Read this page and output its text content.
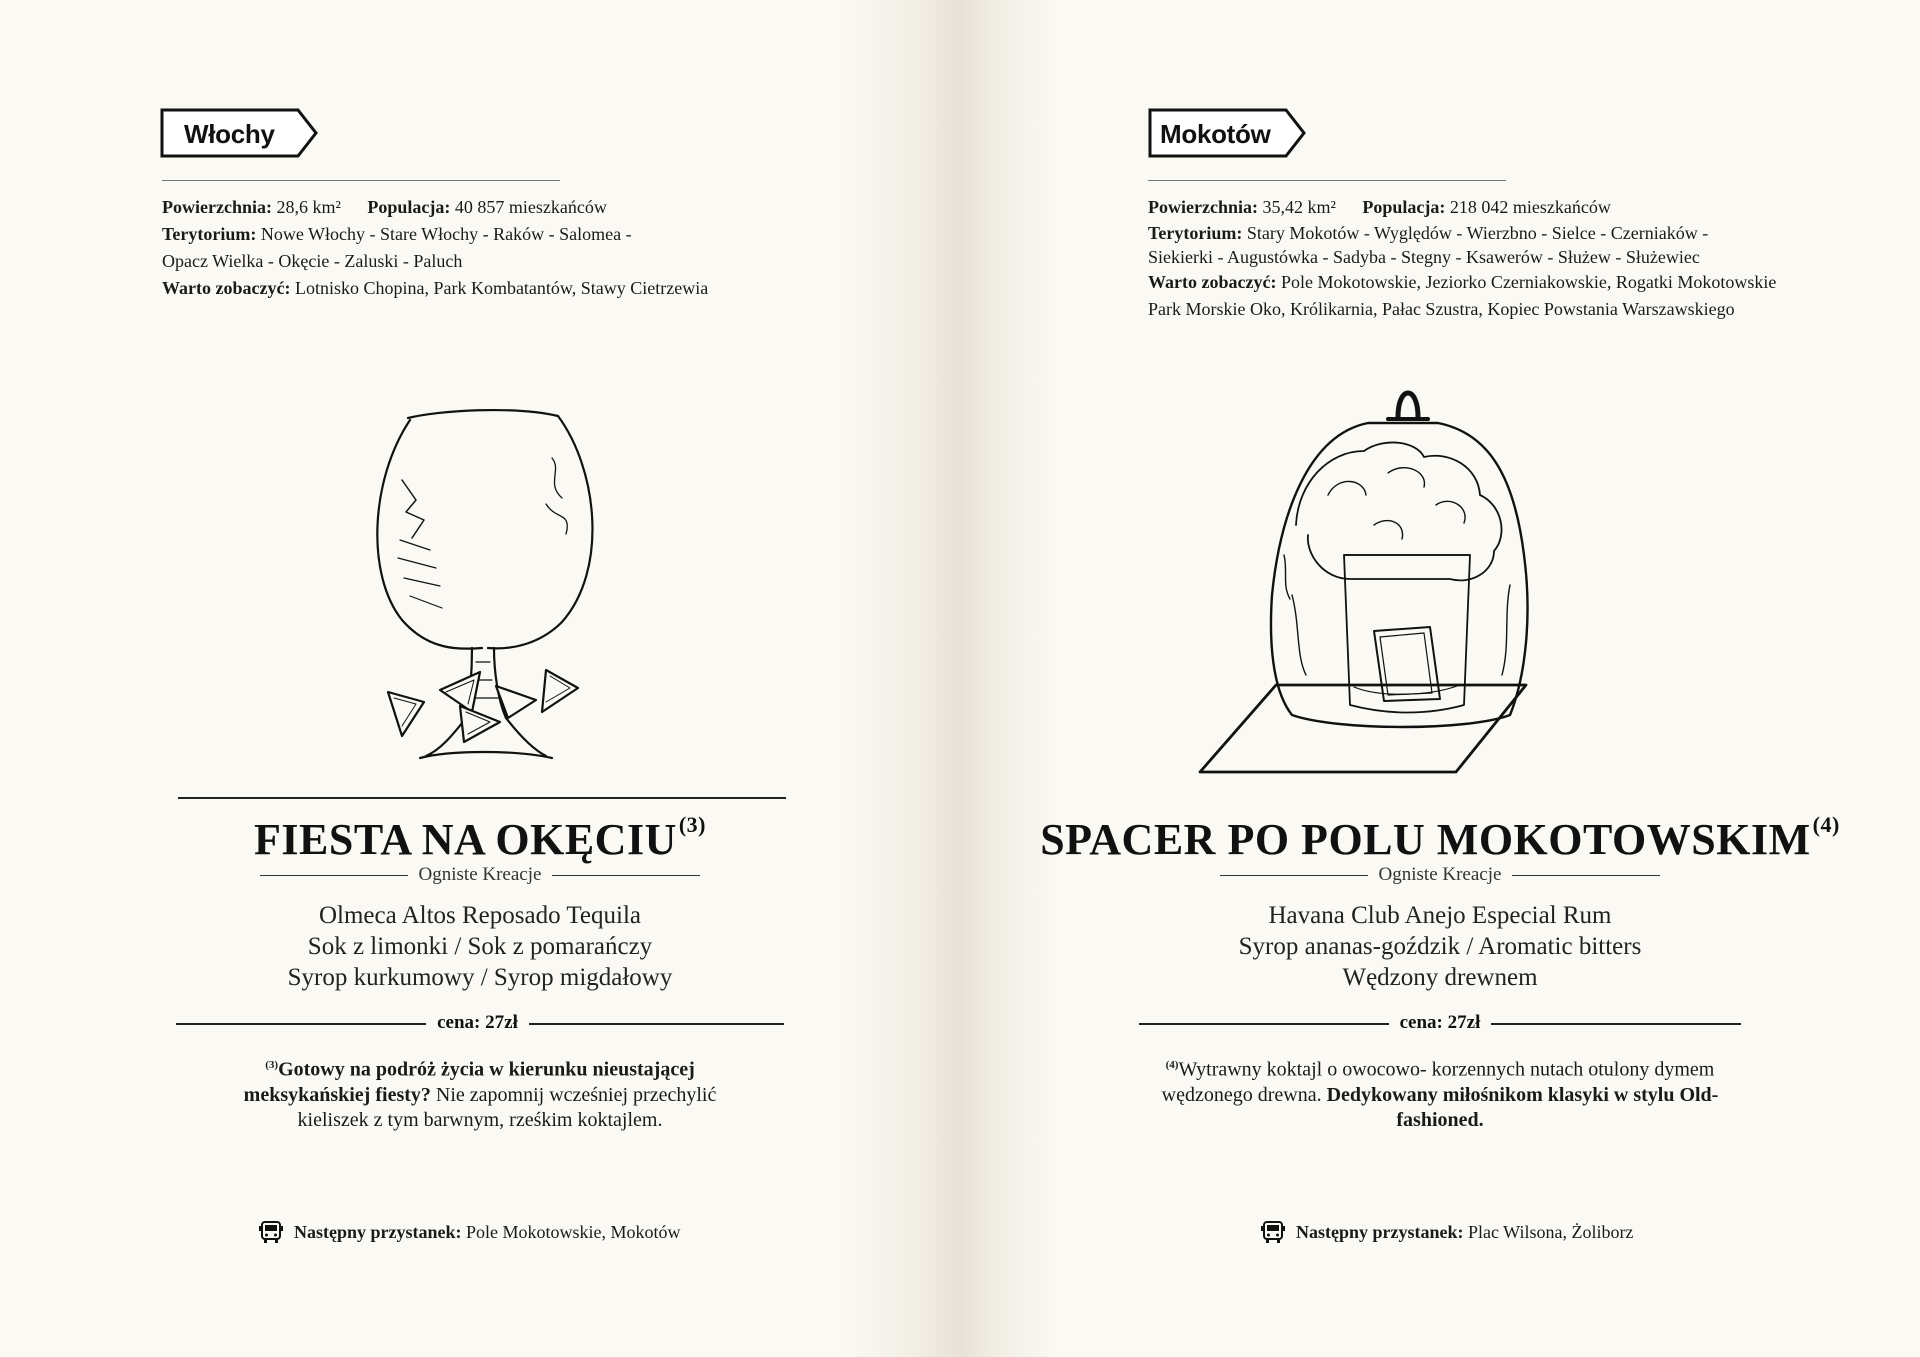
Włochy
Powierzchnia: 28,6 km² Populacja: 40 857 mieszkańców
Terytorium: Nowe Włochy - Stare Włochy - Raków - Salomea -
Opacz Wielka - Okęcie - Zaluski - Paluch
Warto zobaczyć: Lotnisko Chopina, Park Kombatantów, Stawy Cietrzewia
FIESTA NA OKĘCIU$^{(3)}$
Ogniste Kreacje
Olmeca Altos Reposado Tequila
Sok z limonki / Sok z pomarańczy
Syrop kurkumowy / Syrop migdałowy
cena: 27zł
$^{(3)}$Gotowy na podróż życia w kierunku nieustającej meksykańskiej fiesty? Nie zapomnij wcześniej przechylić kieliszek z tym barwnym, rześkim koktajlem.
Następny przystanek: Pole Mokotowskie, Mokotów
Mokotów
Powierzchnia: 35,42 km² Populacja: 218 042 mieszkańców
Terytorium: Stary Mokotów - Wyględów - Wierzbno - Sielce - Czerniaków -
Siekierki - Augustówka - Sadyba - Stegny - Ksawerów - Służew - Służewiec
Warto zobaczyć: Pole Mokotowskie, Jeziorko Czerniakowskie, Rogatki Mokotowskie
Park Morskie Oko, Królikarnia, Pałac Szustra, Kopiec Powstania Warszawskiego
SPACER PO POLU MOKOTOWSKIM$^{(4)}$
Ogniste Kreacje
Havana Club Anejo Especial Rum
Syrop ananas-goździk / Aromatic bitters
Wędzony drewnem
cena: 27zł
$^{(4)}$Wytrawny koktajl o owocowo- korzennych nutach otulony dymem wędzonego drewna. Dedykowany miłośnikom klasyki w stylu Old- fashioned.
Następny przystanek: Plac Wilsona, Żoliborz
